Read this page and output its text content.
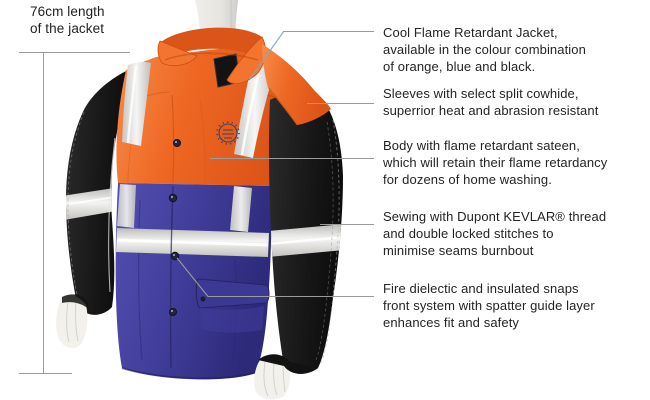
76cm length
of the jacket	Cool Flame Retardant Jacket,
available in the colour combination
of orange, blue and black.
Sleeves with select split cowhide,
superrior heat and abrasion resistant
Body with flame retardant sateen,
which will retain their flame retardancy
for dozens of home washing.
Sewing with Dupont KEVLAR® thread
and double locked stitches to
minimise seams burnbout
Fire dielectic and insulated snaps
front system with spatter guide layer
enhances fit and safety
